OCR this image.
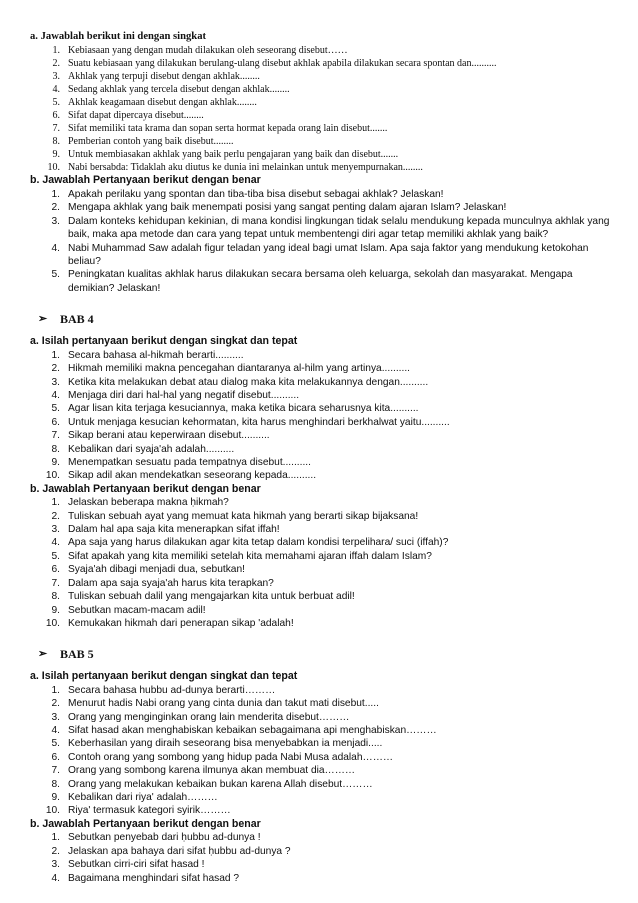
a. Jawablah berikut ini dengan singkat

1. Kebiasaan yang dengan mudah dilakukan oleh seseorang disebut……
2. Suatu kebiasaan yang dilakukan berulang-ulang disebut akhlak apabila dilakukan secara spontan dan..........
3. Akhlak yang terpuji disebut dengan akhlak........
4. Sedang akhlak yang tercela disebut dengan akhlak........
5. Akhlak keagamaan disebut dengan akhlak........
6. Sifat dapat dipercaya disebut........
7. Sifat memiliki tata krama dan sopan serta hormat kepada orang lain disebut.......
8. Pemberian contoh yang baik disebut........
9. Untuk membiasakan akhlak yang baik perlu pengajaran yang baik dan disebut.......
10. Nabi bersabda: Tidaklah aku diutus ke dunia ini melainkan untuk menyempurnakan........

b. Jawablah Pertanyaan berikut dengan benar

1. Apakah perilaku yang spontan dan tiba-tiba bisa disebut sebagai akhlak? Jelaskan!
2. Mengapa akhlak yang baik menempati posisi yang sangat penting dalam ajaran Islam? Jelaskan!
3. Dalam konteks kehidupan kekinian, di mana kondisi lingkungan tidak selalu mendukung kepada munculnya akhlak yang baik, maka apa metode dan cara yang tepat untuk membentengi diri agar tetap memiliki akhlak yang baik?
4. Nabi Muhammad Saw adalah figur teladan yang ideal bagi umat Islam. Apa saja faktor yang mendukung ketokohan beliau?
5. Peningkatan kualitas akhlak harus dilakukan secara bersama oleh keluarga, sekolah dan masyarakat. Mengapa demikian? Jelaskan!

➢ BAB 4

a. Isilah pertanyaan berikut dengan singkat dan tepat

1. Secara bahasa al-hikmah berarti..........
2. Hikmah memiliki makna pencegahan diantaranya al-hilm yang artinya..........
3. Ketika kita melakukan debat atau dialog maka kita melakukannya dengan..........
4. Menjaga diri dari hal-hal yang negatif disebut..........
5. Agar lisan kita terjaga kesuciannya, maka ketika bicara seharusnya kita..........
6. Untuk menjaga kesucian kehormatan, kita harus menghindari berkhalwat yaitu..........
7. Sikap berani atau keperwiraan disebut..........
8. Kebalikan dari syaja'ah adalah..........
9. Menempatkan sesuatu pada tempatnya disebut..........
10. Sikap adil akan mendekatkan seseorang kepada..........

b. Jawablah Pertanyaan berikut dengan benar

1. Jelaskan beberapa makna ḥikmah?
2. Tuliskan sebuah ayat yang memuat kata hikmah yang berarti sikap bijaksana!
3. Dalam hal apa saja kita menerapkan sifat iffah!
4. Apa saja yang harus dilakukan agar kita tetap dalam kondisi terpelihara/ suci (iffah)?
5. Sifat apakah yang kita memiliki setelah kita memahami ajaran iffah dalam Islam?
6. Syaja'ah dibagi menjadi dua, sebutkan!
7. Dalam apa saja syaja'ah harus kita terapkan?
8. Tuliskan sebuah dalil yang mengajarkan kita untuk berbuat adil!
9. Sebutkan macam-macam adil!
10. Kemukakan hikmah dari penerapan sikap 'adalah!

➢ BAB 5

a. Isilah pertanyaan berikut dengan singkat dan tepat

1. Secara bahasa hubbu ad-dunya berarti………
2. Menurut hadis Nabi orang yang cinta dunia dan takut mati disebut.....
3. Orang yang menginginkan orang lain menderita disebut………
4. Sifat hasad akan menghabiskan kebaikan sebagaimana api menghabiskan………
5. Keberhasilan yang diraih seseorang bisa menyebabkan ia menjadi.....
6. Contoh orang yang sombong yang hidup pada Nabi Musa adalah………
7. Orang yang sombong karena ilmunya akan membuat dia………
8. Orang yang melakukan kebaikan bukan karena Allah disebut………
9. Kebalikan dari riya' adalah………
10. Riya' termasuk kategori syirik………

b. Jawablah Pertanyaan berikut dengan benar

1. Sebutkan penyebab dari ḥubbu ad-dunya !
2. Jelaskan apa bahaya dari sifat ḥubbu ad-dunya ?
3. Sebutkan cirri-ciri sifat hasad !
4. Bagaimana menghindari sifat hasad ?
